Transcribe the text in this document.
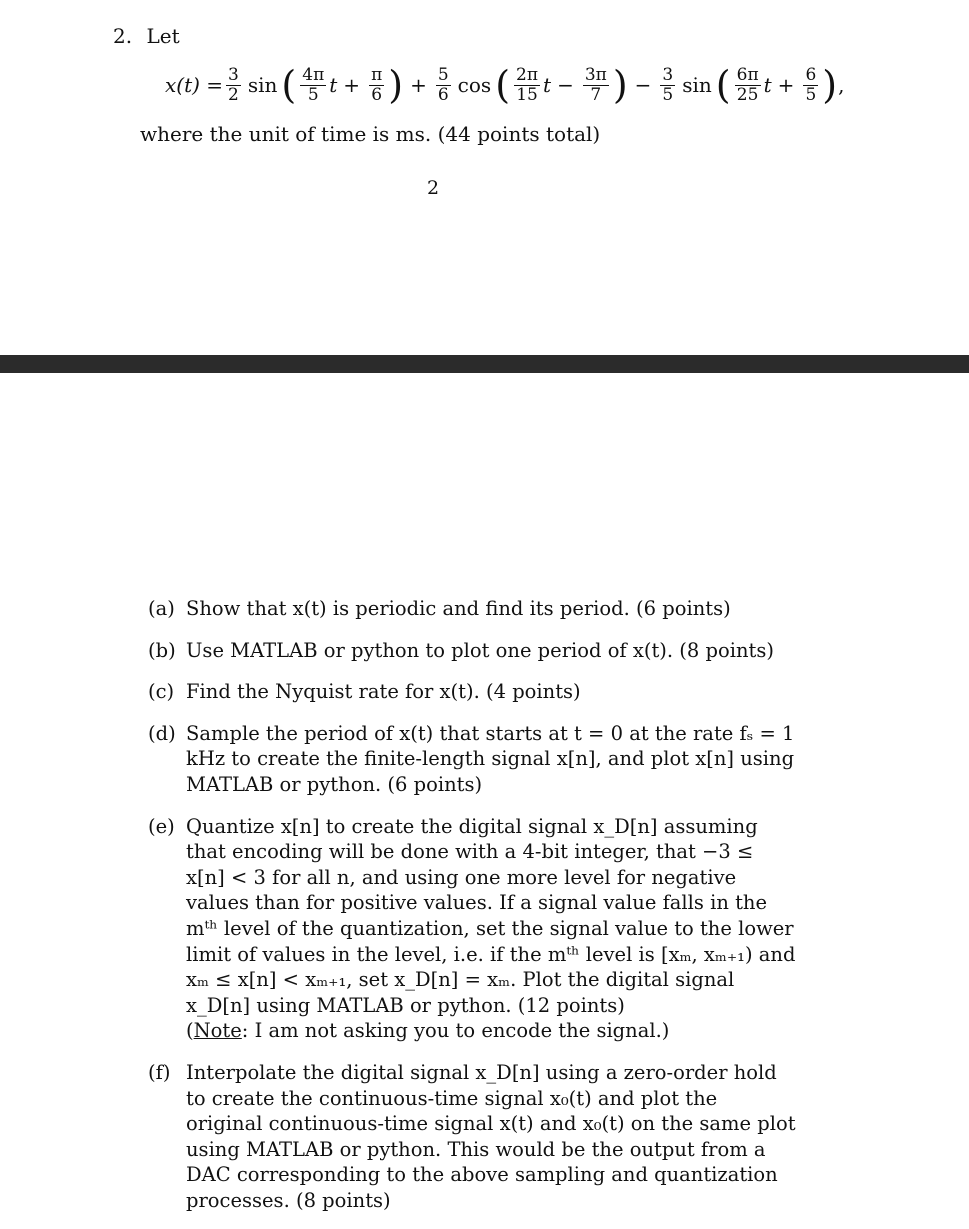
2. Let
$x(t) = \frac{3}{2}$ sin ( $\frac{4\pi}{5}$ $t + \frac{\pi}{6}$ ) + $\frac{5}{6}$ cos ( $\frac{2\pi}{15}$ $t - \frac{3\pi}{7}$ ) − $\frac{3}{5}$ sin ( $\frac{6\pi}{25}$ $t + \frac{6}{5}$ ) ,
where the unit of time is ms. (44 points total)
2
(a) Show that x(t) is periodic and find its period. (6 points)
(b) Use MATLAB or python to plot one period of x(t). (8 points)
(c) Find the Nyquist rate for x(t). (4 points)
(d) Sample the period of x(t) that starts at t = 0 at the rate fₛ = 1 kHz to create the finite-length signal x[n], and plot x[n] using MATLAB or python. (6 points)
(e) Quantize x[n] to create the digital signal x_D[n] assuming that encoding will be done with a 4-bit integer, that −3 ≤ x[n] < 3 for all n, and using one more level for negative values than for positive values. If a signal value falls in the mᵗʰ level of the quantization, set the signal value to the lower limit of values in the level, i.e. if the mᵗʰ level is [xₘ, xₘ₊₁) and xₘ ≤ x[n] < xₘ₊₁, set x_D[n] = xₘ. Plot the digital signal x_D[n] using MATLAB or python. (12 points)
(Note: I am not asking you to encode the signal.)
(f) Interpolate the digital signal x_D[n] using a zero-order hold to create the continuous-time signal x₀(t) and plot the original continuous-time signal x(t) and x₀(t) on the same plot using MATLAB or python. This would be the output from a DAC corresponding to the above sampling and quantization processes. (8 points)
